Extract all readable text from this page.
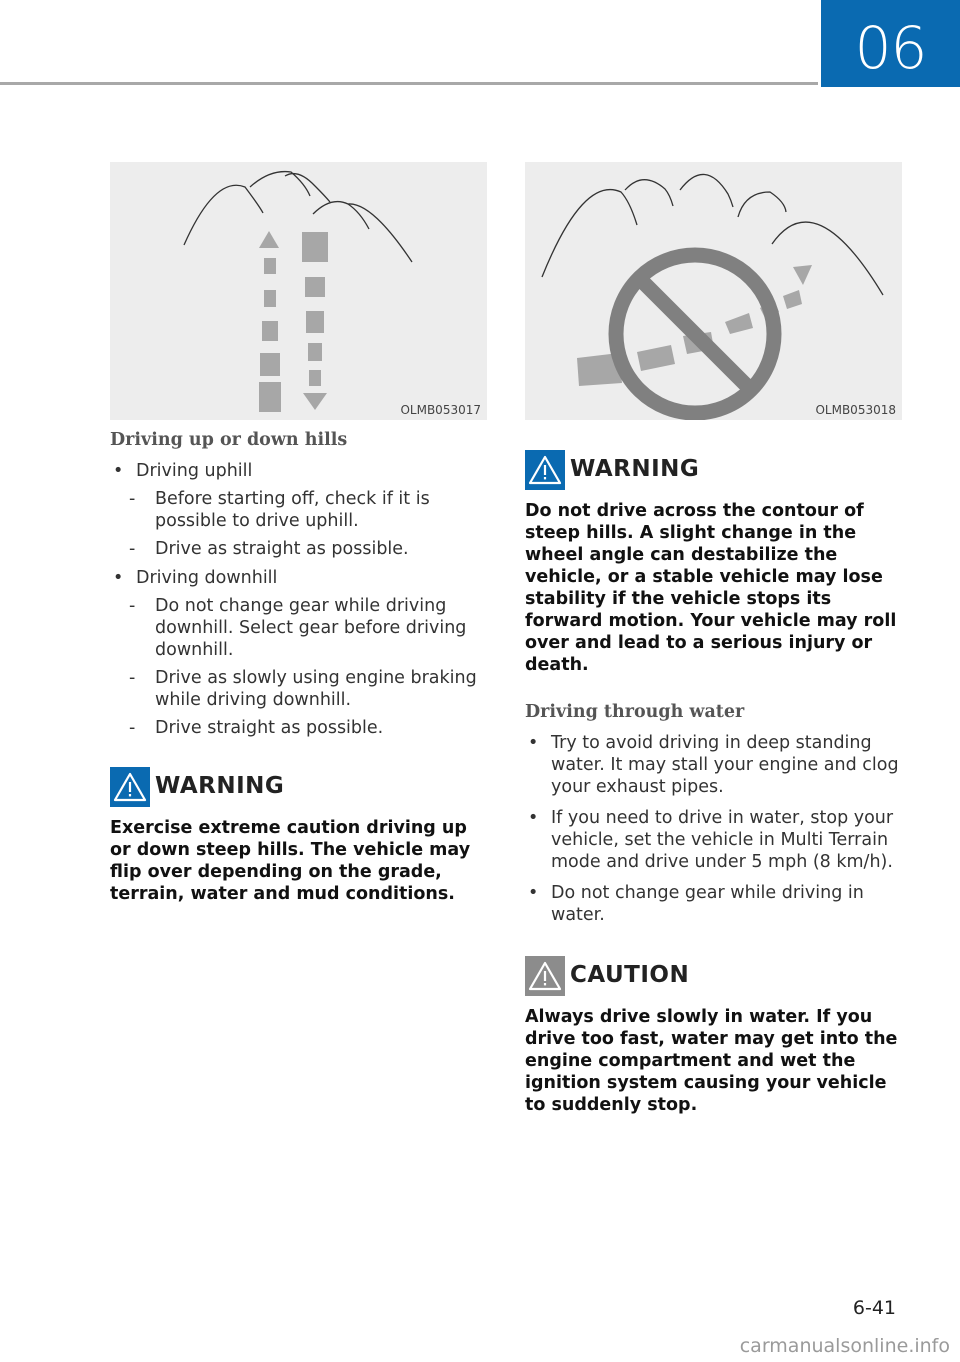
06
OLMB053017	OLMB053018
Driving up or down hills
• Driving uphill
-	Before starting off, check if it is possible to drive uphill.
-	Drive as straight as possible.
• Driving downhill
-	Do not change gear while driving downhill. Select gear before driving downhill.
-	Drive as slowly using engine braking while driving downhill.
-	Drive straight as possible.
WARNING
Exercise extreme caution driving up or down steep hills. The vehicle may flip over depending on the grade, terrain, water and mud conditions.
WARNING
Do not drive across the contour of steep hills. A slight change in the wheel angle can destabilize the vehicle, or a stable vehicle may lose stability if the vehicle stops its forward motion. Your vehicle may roll over and lead to a serious injury or death.
Driving through water
• Try to avoid driving in deep standing water. It may stall your engine and clog your exhaust pipes.
• If you need to drive in water, stop your vehicle, set the vehicle in Multi Terrain mode and drive under 5 mph (8 km/h).
• Do not change gear while driving in water.
CAUTION
Always drive slowly in water. If you drive too fast, water may get into the engine compartment and wet the ignition system causing your vehicle to suddenly stop.
6-41
carmanualsonline.info
